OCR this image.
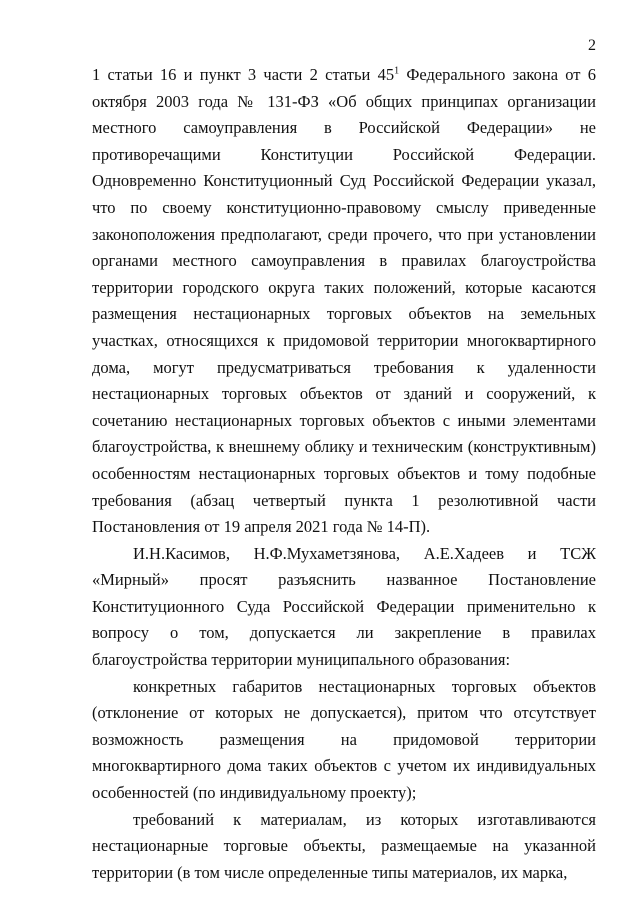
2

1 статьи 16 и пункт 3 части 2 статьи $45^1$ Федерального закона от 6 октября 2003 года № 131-ФЗ «Об общих принципах организации местного самоуправления в Российской Федерации» не противоречащими Конституции Российской Федерации. Одновременно Конституционный Суд Российской Федерации указал, что по своему конституционно-правовому смыслу приведенные законоположения предполагают, среди прочего, что при установлении органами местного самоуправления в правилах благоустройства территории городского округа таких положений, которые касаются размещения нестационарных торговых объектов на земельных участках, относящихся к придомовой территории многоквартирного дома, могут предусматриваться требования к удаленности нестационарных торговых объектов от зданий и сооружений, к сочетанию нестационарных торговых объектов с иными элементами благоустройства, к внешнему облику и техническим (конструктивным) особенностям нестационарных торговых объектов и тому подобные требования (абзац четвертый пункта 1 резолютивной части Постановления от 19 апреля 2021 года № 14-П).

И.Н.Касимов, Н.Ф.Мухаметзянова, А.Е.Хадеев и ТСЖ «Мирный» просят разъяснить названное Постановление Конституционного Суда Российской Федерации применительно к вопросу о том, допускается ли закрепление в правилах благоустройства территории муниципального образования:

конкретных габаритов нестационарных торговых объектов (отклонение от которых не допускается), притом что отсутствует возможность размещения на придомовой территории многоквартирного дома таких объектов с учетом их индивидуальных особенностей (по индивидуальному проекту);

требований к материалам, из которых изготавливаются нестационарные торговые объекты, размещаемые на указанной территории (в том числе определенные типы материалов, их марка,
